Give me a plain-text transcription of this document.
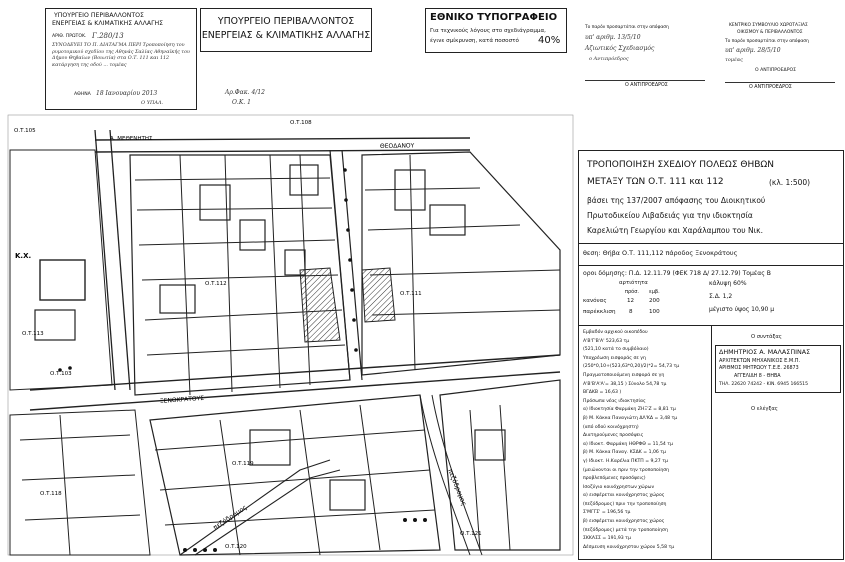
ΥΠΟΥΡΓΕΙΟ ΠΕΡΙΒΑΛΛΟΝΤΟΣ
ΕΝΕΡΓΕΙΑΣ & ΚΛΙΜΑΤΙΚΗΣ ΑΛΛΑΓΗΣ
ΑΡΙΘ. ΠΡΩΤΟΚ. Γ.280/13
ΣΥΝΟΔΕΥΕΙ ΤΟ Π. ΔΙΑΤΑΓΜΑ ΠΕΡΙ Τροποποίηση του ρυμοτομικού σχεδίου της Αθηνάς Σαλίας Αθηναϊκής του Δήμου Θηβαίων (Βοιωτία) στα Ο.Τ. 111 και 112 κατάργηση της οδού ... τομέας
ΑΘΗΝΑ 18 Ιανουαρίου 2013
Ο ΥΠΑΛ.
ΥΠΟΥΡΓΕΙΟ ΠΕΡΙΒΑΛΛΟΝΤΟΣ
ΕΝΕΡΓΕΙΑΣ & ΚΛΙΜΑΤΙΚΗΣ ΑΛΛΑΓΗΣ
ΕΘΝΙΚΟ ΤΥΠΟΓΡΑΦΕΙΟ
Για τεχνικούς λόγους στο σχεδιάγραμμα,
έγινε σμίκρυνση, κατά ποσοστό 40%
Αρ.Φακ. 4/12
Ο.Κ. 1
Το παρόν προσαρτάται στην απόφαση
υπ' αριθμ. 13/5/10
Αζιωτικός Σχεδιασμός
ο Αντιπρόεδρος
Ο ΑΝΤΙΠΡΟΕΔΡΟΣ
ΚΕΝΤΡΙΚΟ ΣΥΜΒΟΥΛΙΟ ΧΩΡΟΤΑΞΙΑΣ
ΟΙΚΙΣΜΟΥ & ΠΕΡΙΒΑΛΛΟΝΤΟΣ
Το παρόν προσαρτάται στην απόφαση
υπ' αριθμ. 28/5/10
τομέας
Ο ΑΝΤΙΠΡΟΕΔΡΟΣ
Ο ΑΝΤΙΠΡΟΕΔΡΟΣ
ΘΕΟΔΑΝΟΥ
ΞΕΝΟΚΡΑΤΟΥΣ
πεζόδρομος
πεζόδρομος
Α. ΜΕΘΕΝΗΤΗΣ
Κ.Χ.
Ο.Τ.105
Ο.Τ.108
Ο.Τ.112
Ο.Τ.111
Ο.Τ.113
Ο.Τ.103
Ο.Τ.119
Ο.Τ.118
Ο.Τ.120
Ο.Τ.121
ΤΡΟΠΟΠΟΙΗΣΗ ΣΧΕΔΙΟΥ ΠΟΛΕΩΣ ΘΗΒΩΝ
ΜΕΤΑΞΥ ΤΩΝ Ο.Τ. 111 και 112	(κλ. 1:500)
βάσει της 137/2007 απόφασης του Διοικητικού
Πρωτοδικείου Λιβαδειάς για την ιδιοκτησία
Καρελιώτη Γεωργίου και Χαράλαμπου του Νικ.
θεση: Θήβα Ο.Τ. 111,112 πάροδος Ξενοκράτους
οροι δόμησης: Π.Δ. 12.11.79 (ΦΕΚ 718 Δ/ 27.12.79) Τομέας Β
αρτιότητα
πρόσ. εμβ.
κανόνας	12	200
παρέκκλιση 8	100
κάλυψη 60%
Σ.Δ. 1,2
μέγιστο ύψος 10,90 μ
Εμβαδόν αρχικού οικοπέδου
Α'Β'Γ'Β'Α' 523,63 τμ
(521,10 κατά το συμβόλαιο)
Υποχρέωση εισφοράς σε γη
(250*0,10+(523,63*0,20)/2)*2= 54,73 τμ
Πραγματοποιούμενη εισφορά σε γη
Α'Β'Β'Α'Α'= 38,15 ) Σύνολο 54,78 τμ
ΒΓΔΚΒ = 16,63 )
Πρόσωπα νέας ιδιοκτησίας
α) Ιδιοκτησία Φαρμάκη ΖΗΞ'Ζ = 8,81 τμ
β) Μ. Κάκκα Παναγιώτη ΔΛ'ΚΔ = 3,48 τμ
(από οδού κοινόχρηστη)
Διατηρούμενες προσόψεις
α) Ιδιοκτ. Φαρμάκη ΗΘΡΦΘ = 11,54 τμ
β) Μ. Κάκκα Παναγ. ΚΣΔΚ = 1,06 τμ
γ) Ιδιοκτ. Η.Καρέλια ΠΚΤΠ = 9,27 τμ
(μειώνονται οι πριν την τροποποίηση
προβλεπόμενες προσόψεις)
Ισοζύγιο κοινόχρηστων χώρων
α) εισφέρεται κοινόχρηστος χώρος
(πεζόδρομος) πριν την τροποποίηση
Σ'ΜΓΓΣ' = 196,56 τμ
β) εισφέρεται κοινόχρηστος χώρος
(πεζόδρομος) μετά την τροποποίηση
ΣΚΚΑΣΣ = 191,93 τμ
Δέσμευση κοινόχρηστου χώρου 5,58 τμ
Ο συντάξας
ΔΗΜΗΤΡΙΟΣ Α. ΜΑΛΑΣΠΙΝΑΣ
ΑΡΧΙΤΕΚΤΩΝ ΜΗΧΑΝΙΚΟΣ Ε.Μ.Π.
ΑΡΙΘΜΟΣ ΜΗΤΡΩΟΥ Τ.Ε.Ε. 26873
ΑΓΓΕΛΙΔΗ 8 - ΘΗΒΑ
ΤΗΛ. 22620 74242 - ΚΙΝ. 6945 166515
Ο ελέγξας
